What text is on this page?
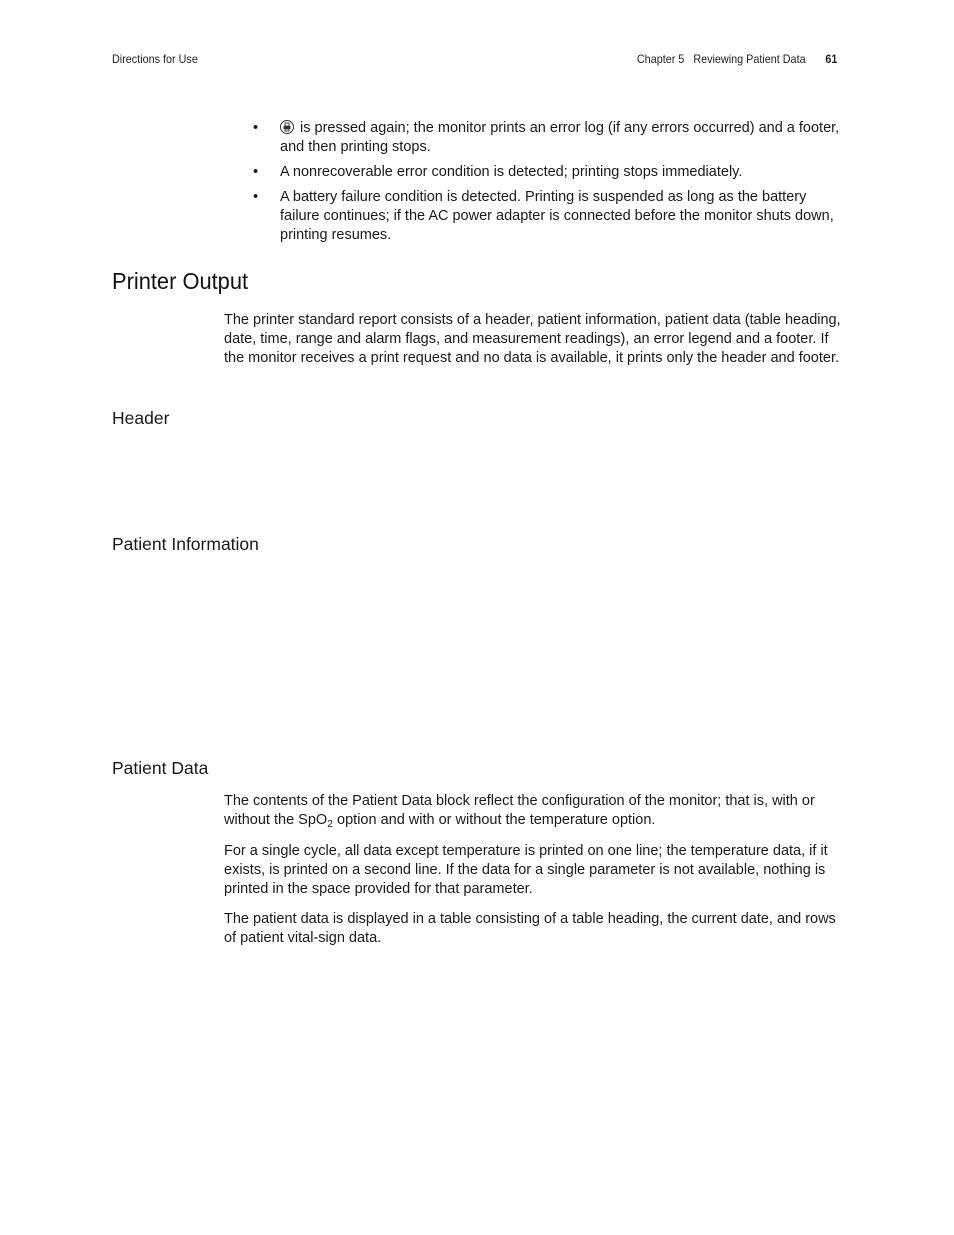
Directions for Use	Chapter 5   Reviewing Patient Data 61
•	is pressed again; the monitor prints an error log (if any errors occurred) and a footer, and then printing stops.
• A nonrecoverable error condition is detected; printing stops immediately.
• A battery failure condition is detected. Printing is suspended as long as the battery failure continues; if the AC power adapter is connected before the monitor shuts down, printing resumes.
Printer Output

The printer standard report consists of a header, patient information, patient data (table heading, date, time, range and alarm flags, and measurement readings), an error legend and a footer. If the monitor receives a print request and no data is available, it prints only the header and footer.

Header
Patient Information
Patient Data

The contents of the Patient Data block reflect the configuration of the monitor; that is, with or without the SpO$_2$ option and with or without the temperature option.

For a single cycle, all data except temperature is printed on one line; the temperature data, if it exists, is printed on a second line. If the data for a single parameter is not available, nothing is printed in the space provided for that parameter.

The patient data is displayed in a table consisting of a table heading, the current date, and rows of patient vital-sign data.
